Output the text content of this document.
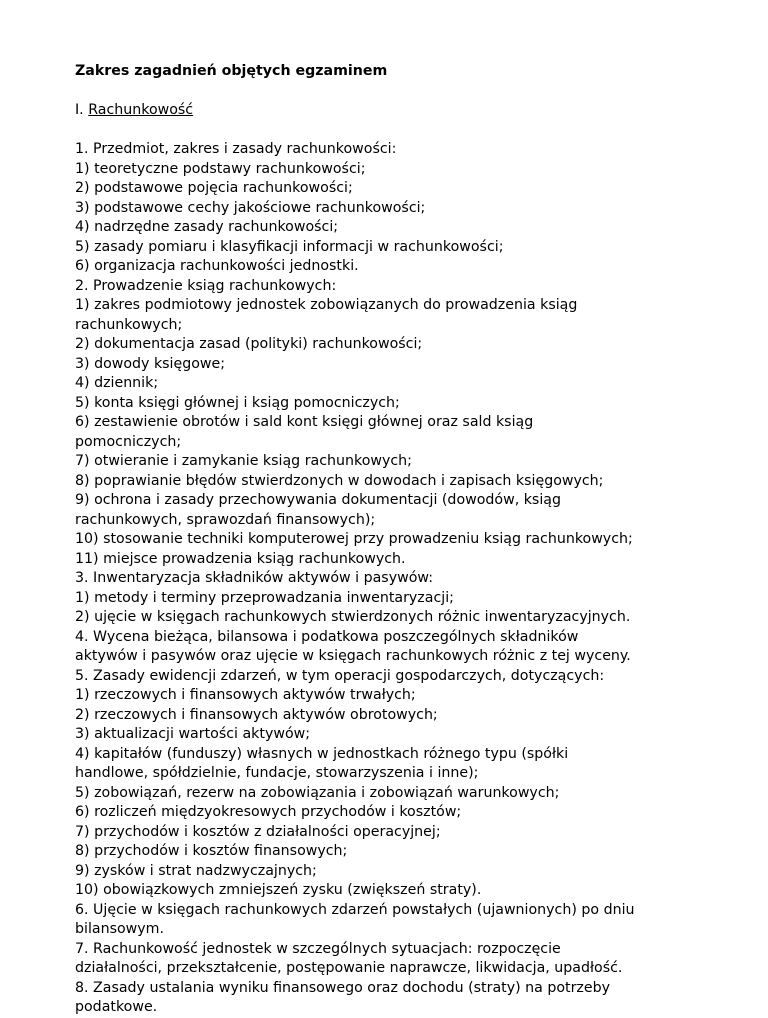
Zakres zagadnień objętych egzaminem

I. Rachunkowość

1. Przedmiot, zakres i zasady rachunkowości:

1) teoretyczne podstawy rachunkowości;

2) podstawowe pojęcia rachunkowości;

3) podstawowe cechy jakościowe rachunkowości;

4) nadrzędne zasady rachunkowości;

5) zasady pomiaru i klasyfikacji informacji w rachunkowości;

6) organizacja rachunkowości jednostki.

2. Prowadzenie ksiąg rachunkowych:

1) zakres podmiotowy jednostek zobowiązanych do prowadzenia ksiąg

rachunkowych;

2) dokumentacja zasad (polityki) rachunkowości;

3) dowody księgowe;

4) dziennik;

5) konta księgi głównej i ksiąg pomocniczych;

6) zestawienie obrotów i sald kont księgi głównej oraz sald ksiąg

pomocniczych;

7) otwieranie i zamykanie ksiąg rachunkowych;

8) poprawianie błędów stwierdzonych w dowodach i zapisach księgowych;

9) ochrona i zasady przechowywania dokumentacji (dowodów, ksiąg

rachunkowych, sprawozdań finansowych);

10) stosowanie techniki komputerowej przy prowadzeniu ksiąg rachunkowych;

11) miejsce prowadzenia ksiąg rachunkowych.

3. Inwentaryzacja składników aktywów i pasywów:

1) metody i terminy przeprowadzania inwentaryzacji;

2) ujęcie w księgach rachunkowych stwierdzonych różnic inwentaryzacyjnych.

4. Wycena bieżąca, bilansowa i podatkowa poszczególnych składników

aktywów i pasywów oraz ujęcie w księgach rachunkowych różnic z tej wyceny.

5. Zasady ewidencji zdarzeń, w tym operacji gospodarczych, dotyczących:

1) rzeczowych i finansowych aktywów trwałych;

2) rzeczowych i finansowych aktywów obrotowych;

3) aktualizacji wartości aktywów;

4) kapitałów (funduszy) własnych w jednostkach różnego typu (spółki

handlowe, spółdzielnie, fundacje, stowarzyszenia i inne);

5) zobowiązań, rezerw na zobowiązania i zobowiązań warunkowych;

6) rozliczeń międzyokresowych przychodów i kosztów;

7) przychodów i kosztów z działalności operacyjnej;

8) przychodów i kosztów finansowych;

9) zysków i strat nadzwyczajnych;

10) obowiązkowych zmniejszeń zysku (zwiększeń straty).

6. Ujęcie w księgach rachunkowych zdarzeń powstałych (ujawnionych) po dniu

bilansowym.

7. Rachunkowość jednostek w szczególnych sytuacjach: rozpoczęcie

działalności, przekształcenie, postępowanie naprawcze, likwidacja, upadłość.

8. Zasady ustalania wyniku finansowego oraz dochodu (straty) na potrzeby

podatkowe.
